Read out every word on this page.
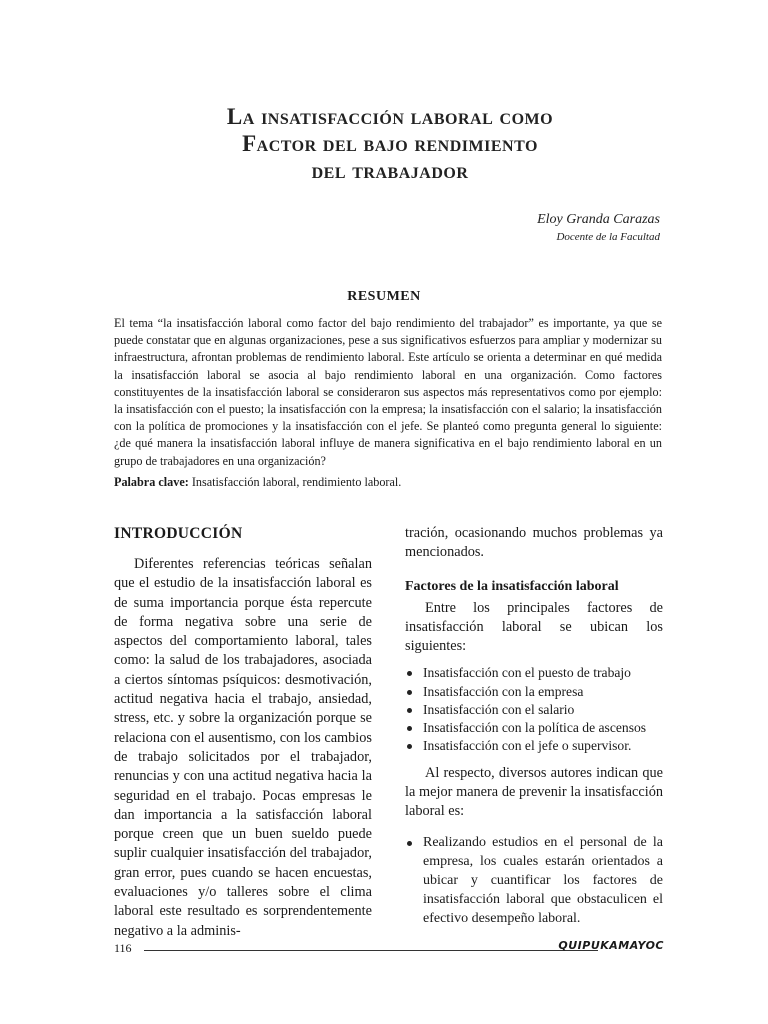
La insatisfacción laboral como
Factor del bajo rendimiento
del trabajador
Eloy Granda Carazas
Docente de la Facultad
RESUMEN
El tema “la insatisfacción laboral como factor del bajo rendimiento del trabajador” es importante, ya que se puede constatar que en algunas organizaciones, pese a sus significativos esfuerzos para ampliar y modernizar su infraestructura, afrontan problemas de rendimiento laboral. Este artículo se orienta a determinar en qué medida la insatisfacción laboral se asocia al bajo rendimiento laboral en una organización. Como factores constituyentes de la insatisfacción laboral se consideraron sus aspectos más representativos como por ejemplo: la insatisfacción con el puesto; la insatisfacción con la empresa; la insatisfacción con el salario; la insatisfacción con la política de promociones y la insatisfacción con el jefe. Se planteó como pregunta general lo siguiente: ¿de qué manera la insatisfacción laboral influye de manera significativa en el bajo rendimiento laboral en un grupo de trabajadores en una organización?
Palabra clave: Insatisfacción laboral, rendimiento laboral.
INTRODUCCIÓN

Diferentes referencias teóricas señalan que el estudio de la insatisfacción laboral es de suma importancia porque ésta repercute de forma negativa sobre una serie de aspectos del comportamiento laboral, tales como: la salud de los trabajadores, asociada a ciertos síntomas psíquicos: desmotivación, actitud negativa hacia el trabajo, ansiedad, stress, etc. y sobre la organización porque se relaciona con el ausentismo, con los cambios de trabajo solicitados por el trabajador, renuncias y con una actitud negativa hacia la seguridad en el trabajo. Pocas empresas le dan importancia a la satisfacción laboral porque creen que un buen sueldo puede suplir cualquier insatisfacción del trabajador, gran error, pues cuando se hacen encuestas, evaluaciones y/o talleres sobre el clima laboral este resultado es sorprendentemente negativo a la adminis-

tración, ocasionando muchos problemas ya mencionados.

Factores de la insatisfacción laboral

Entre los principales factores de insatisfacción laboral se ubican los siguientes:

Insatisfacción con el puesto de trabajo
Insatisfacción con la empresa
Insatisfacción con el salario
Insatisfacción con la política de ascensos
Insatisfacción con el jefe o supervisor.

Al respecto, diversos autores indican que la mejor manera de prevenir la insatisfacción laboral es:

Realizando estudios en el personal de la empresa, los cuales estarán orientados a ubicar y cuantificar los factores de insatisfacción laboral que obstaculicen el efectivo desempeño laboral.
116	QUIPUKAMAYOC
